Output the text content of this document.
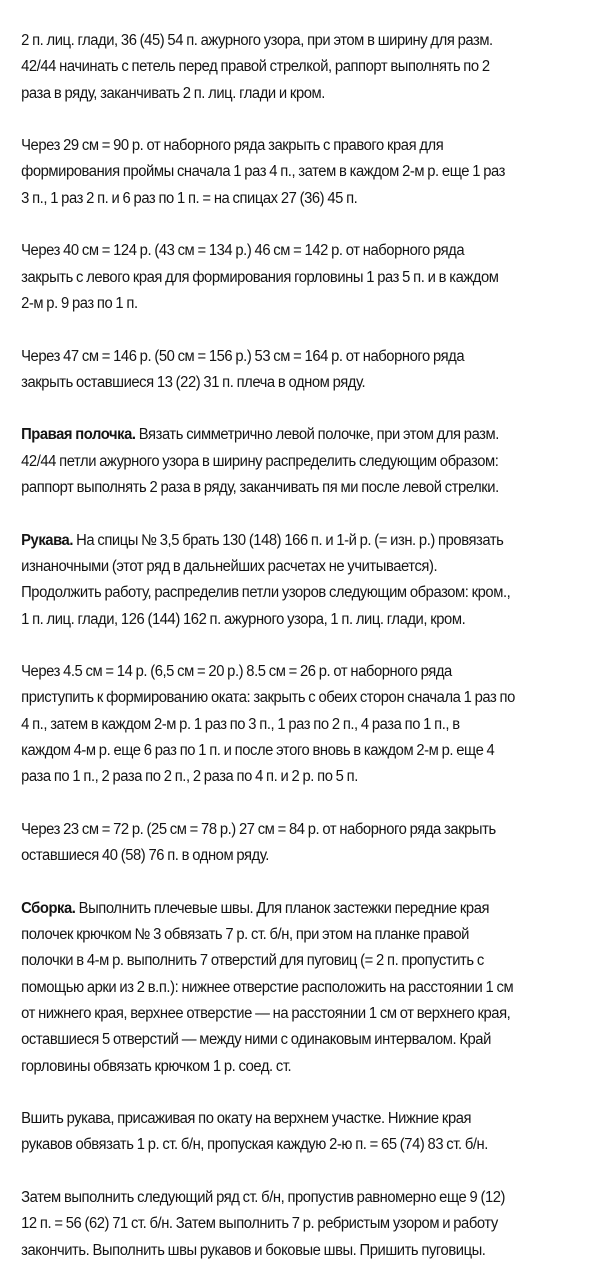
2 п. лиц. глади, 36 (45) 54 п. ажурного узора, при этом в ширину для разм.
42/44 начинать с петель перед правой стрелкой, раппорт выполнять по 2
раза в ряду, заканчивать 2 п. лиц. глади и кром.

Через 29 см = 90 р. от наборного ряда закрыть с правого края для
формирования проймы сначала 1 раз 4 п., затем в каждом 2-м р. еще 1 раз
3 п., 1 раз 2 п. и 6 раз по 1 п. = на спицах 27 (36) 45 п.

Через 40 см = 124 р. (43 см = 134 р.) 46 см = 142 р. от наборного ряда
закрыть с левого края для формирования горловины 1 раз 5 п. и в каждом
2-м р. 9 раз по 1 п.

Через 47 см = 146 р. (50 см = 156 р.) 53 см = 164 р. от наборного ряда
закрыть оставшиеся 13 (22) 31 п. плеча в одном ряду.

Правая полочка. Вязать симметрично левой полочке, при этом для разм.
42/44 петли ажурного узора в ширину распределить следующим образом:
раппорт выполнять 2 раза в ряду, заканчивать пя ми после левой стрелки.

Рукава. На спицы № 3,5 брать 130 (148) 166 п. и 1-й р. (= изн. р.) провязать
изнаночными (этот ряд в дальнейших расчетах не учитывается).
Продолжить работу, распределив петли узоров следующим образом: кром.,
1 п. лиц. глади, 126 (144) 162 п. ажурного узора, 1 п. лиц. глади, кром.

Через 4.5 см = 14 р. (6,5 см = 20 р.) 8.5 см = 26 р. от наборного ряда
приступить к формированию оката: закрыть с обеих сторон сначала 1 раз по
4 п., затем в каждом 2-м р. 1 раз по 3 п., 1 раз по 2 п., 4 раза по 1 п., в
каждом 4-м р. еще 6 раз по 1 п. и после этого вновь в каждом 2-м р. еще 4
раза по 1 п., 2 раза по 2 п., 2 раза по 4 п. и 2 р. по 5 п.

Через 23 см = 72 р. (25 см = 78 р.) 27 см = 84 р. от наборного ряда закрыть
оставшиеся 40 (58) 76 п. в одном ряду.

Сборка. Выполнить плечевые швы. Для планок застежки передние края
полочек крючком № 3 обвязать 7 р. ст. б/н, при этом на планке правой
полочки в 4-м р. выполнить 7 отверстий для пуговиц (= 2 п. пропустить с
помощью арки из 2 в.п.): нижнее отверстие расположить на расстоянии 1 см
от нижнего края, верхнее отверстие — на расстоянии 1 см от верхнего края,
оставшиеся 5 отверстий — между ними с одинаковым интервалом. Край
горловины обвязать крючком 1 р. соед. ст.

Вшить рукава, присаживая по окату на верхнем участке. Нижние края
рукавов обвязать 1 р. ст. б/н, пропуская каждую 2-ю п. = 65 (74) 83 ст. б/н.

Затем выполнить следующий ряд ст. б/н, пропустив равномерно еще 9 (12)
12 п. = 56 (62) 71 ст. б/н. Затем выполнить 7 р. ребристым узором и работу
закончить. Выполнить швы рукавов и боковые швы. Пришить пуговицы.
